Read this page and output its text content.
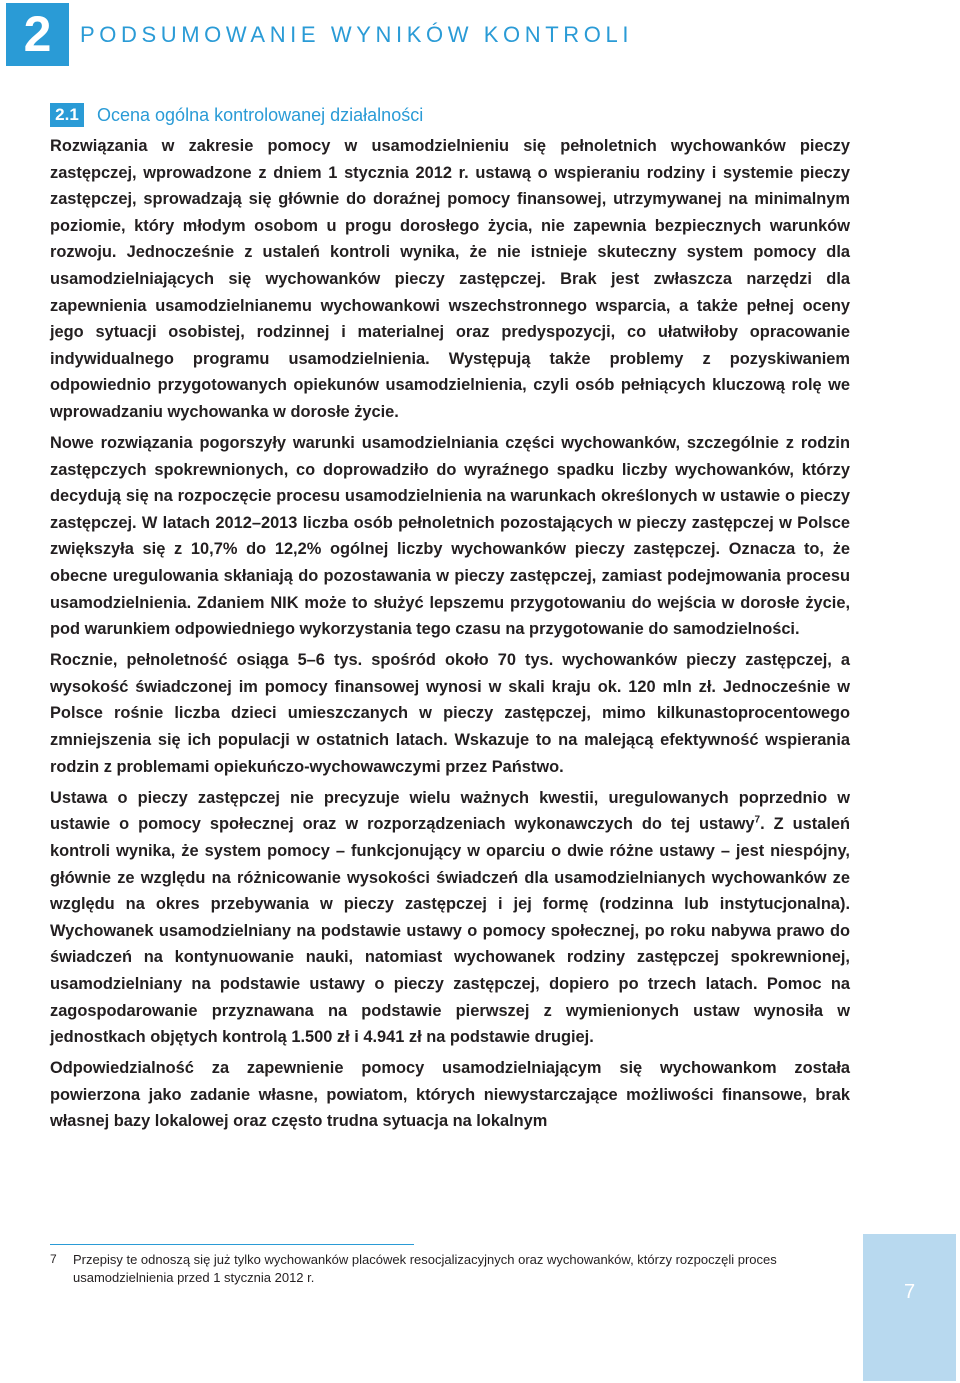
2	PODSUMOWANIE WYNIKÓW KONTROLI
2.1 Ocena ogólna kontrolowanej działalności

Rozwiązania w zakresie pomocy w usamodzielnieniu się pełnoletnich wychowanków pieczy zastępczej, wprowadzone z dniem 1 stycznia 2012 r. ustawą o wspieraniu rodziny i systemie pieczy zastępczej, sprowadzają się głównie do doraźnej pomocy finansowej, utrzymywanej na minimalnym poziomie, który młodym osobom u progu dorosłego życia, nie zapewnia bezpiecznych warunków rozwoju. Jednocześnie z ustaleń kontroli wynika, że nie istnieje skuteczny system pomocy dla usamodzielniających się wychowanków pieczy zastępczej. Brak jest zwłaszcza narzędzi dla zapewnienia usamodzielnianemu wychowankowi wszechstronnego wsparcia, a także pełnej oceny jego sytuacji osobistej, rodzinnej i materialnej oraz predyspozycji, co ułatwiłoby opracowanie indywidualnego programu usamodzielnienia. Występują także problemy z pozyskiwaniem odpowiednio przygotowanych opiekunów usamodzielnienia, czyli osób pełniących kluczową rolę we wprowadzaniu wychowanka w dorosłe życie.

Nowe rozwiązania pogorszyły warunki usamodzielniania części wychowanków, szczególnie z rodzin zastępczych spokrewnionych, co doprowadziło do wyraźnego spadku liczby wychowanków, którzy decydują się na rozpoczęcie procesu usamodzielnienia na warunkach określonych w ustawie o pieczy zastępczej. W latach 2012–2013 liczba osób pełnoletnich pozostających w pieczy zastępczej w Polsce zwiększyła się z 10,7% do 12,2% ogólnej liczby wychowanków pieczy zastępczej. Oznacza to, że obecne uregulowania skłaniają do pozostawania w pieczy zastępczej, zamiast podejmowania procesu usamodzielnienia. Zdaniem NIK może to służyć lepszemu przygotowaniu do wejścia w dorosłe życie, pod warunkiem odpowiedniego wykorzystania tego czasu na przygotowanie do samodzielności.

Rocznie, pełnoletność osiąga 5–6 tys. spośród około 70 tys. wychowanków pieczy zastępczej, a wysokość świadczonej im pomocy finansowej wynosi w skali kraju ok. 120 mln zł. Jednocześnie w Polsce rośnie liczba dzieci umieszczanych w pieczy zastępczej, mimo kilkunastoprocentowego zmniejszenia się ich populacji w ostatnich latach. Wskazuje to na malejącą efektywność wspierania rodzin z problemami opiekuńczo-wychowawczymi przez Państwo.

Ustawa o pieczy zastępczej nie precyzuje wielu ważnych kwestii, uregulowanych poprzednio w ustawie o pomocy społecznej oraz w rozporządzeniach wykonawczych do tej ustawy$^7$. Z ustaleń kontroli wynika, że system pomocy – funkcjonujący w oparciu o dwie różne ustawy – jest niespójny, głównie ze względu na różnicowanie wysokości świadczeń dla usamodzielnianych wychowanków ze względu na okres przebywania w pieczy zastępczej i jej formę (rodzinna lub instytucjonalna). Wychowanek usamodzielniany na podstawie ustawy o pomocy społecznej, po roku nabywa prawo do świadczeń na kontynuowanie nauki, natomiast wychowanek rodziny zastępczej spokrewnionej, usamodzielniany na podstawie ustawy o pieczy zastępczej, dopiero po trzech latach. Pomoc na zagospodarowanie przyznawana na podstawie pierwszej z wymienionych ustaw wynosiła w jednostkach objętych kontrolą 1.500 zł i 4.941 zł na podstawie drugiej.

Odpowiedzialność za zapewnienie pomocy usamodzielniającym się wychowankom została powierzona jako zadanie własne, powiatom, których niewystarczające możliwości finansowe, brak własnej bazy lokalowej oraz często trudna sytuacja na lokalnym

7 Przepisy te odnoszą się już tylko wychowanków placówek resocjalizacyjnych oraz wychowanków, którzy rozpoczęli proces usamodzielnienia przed 1 stycznia 2012 r.
7
